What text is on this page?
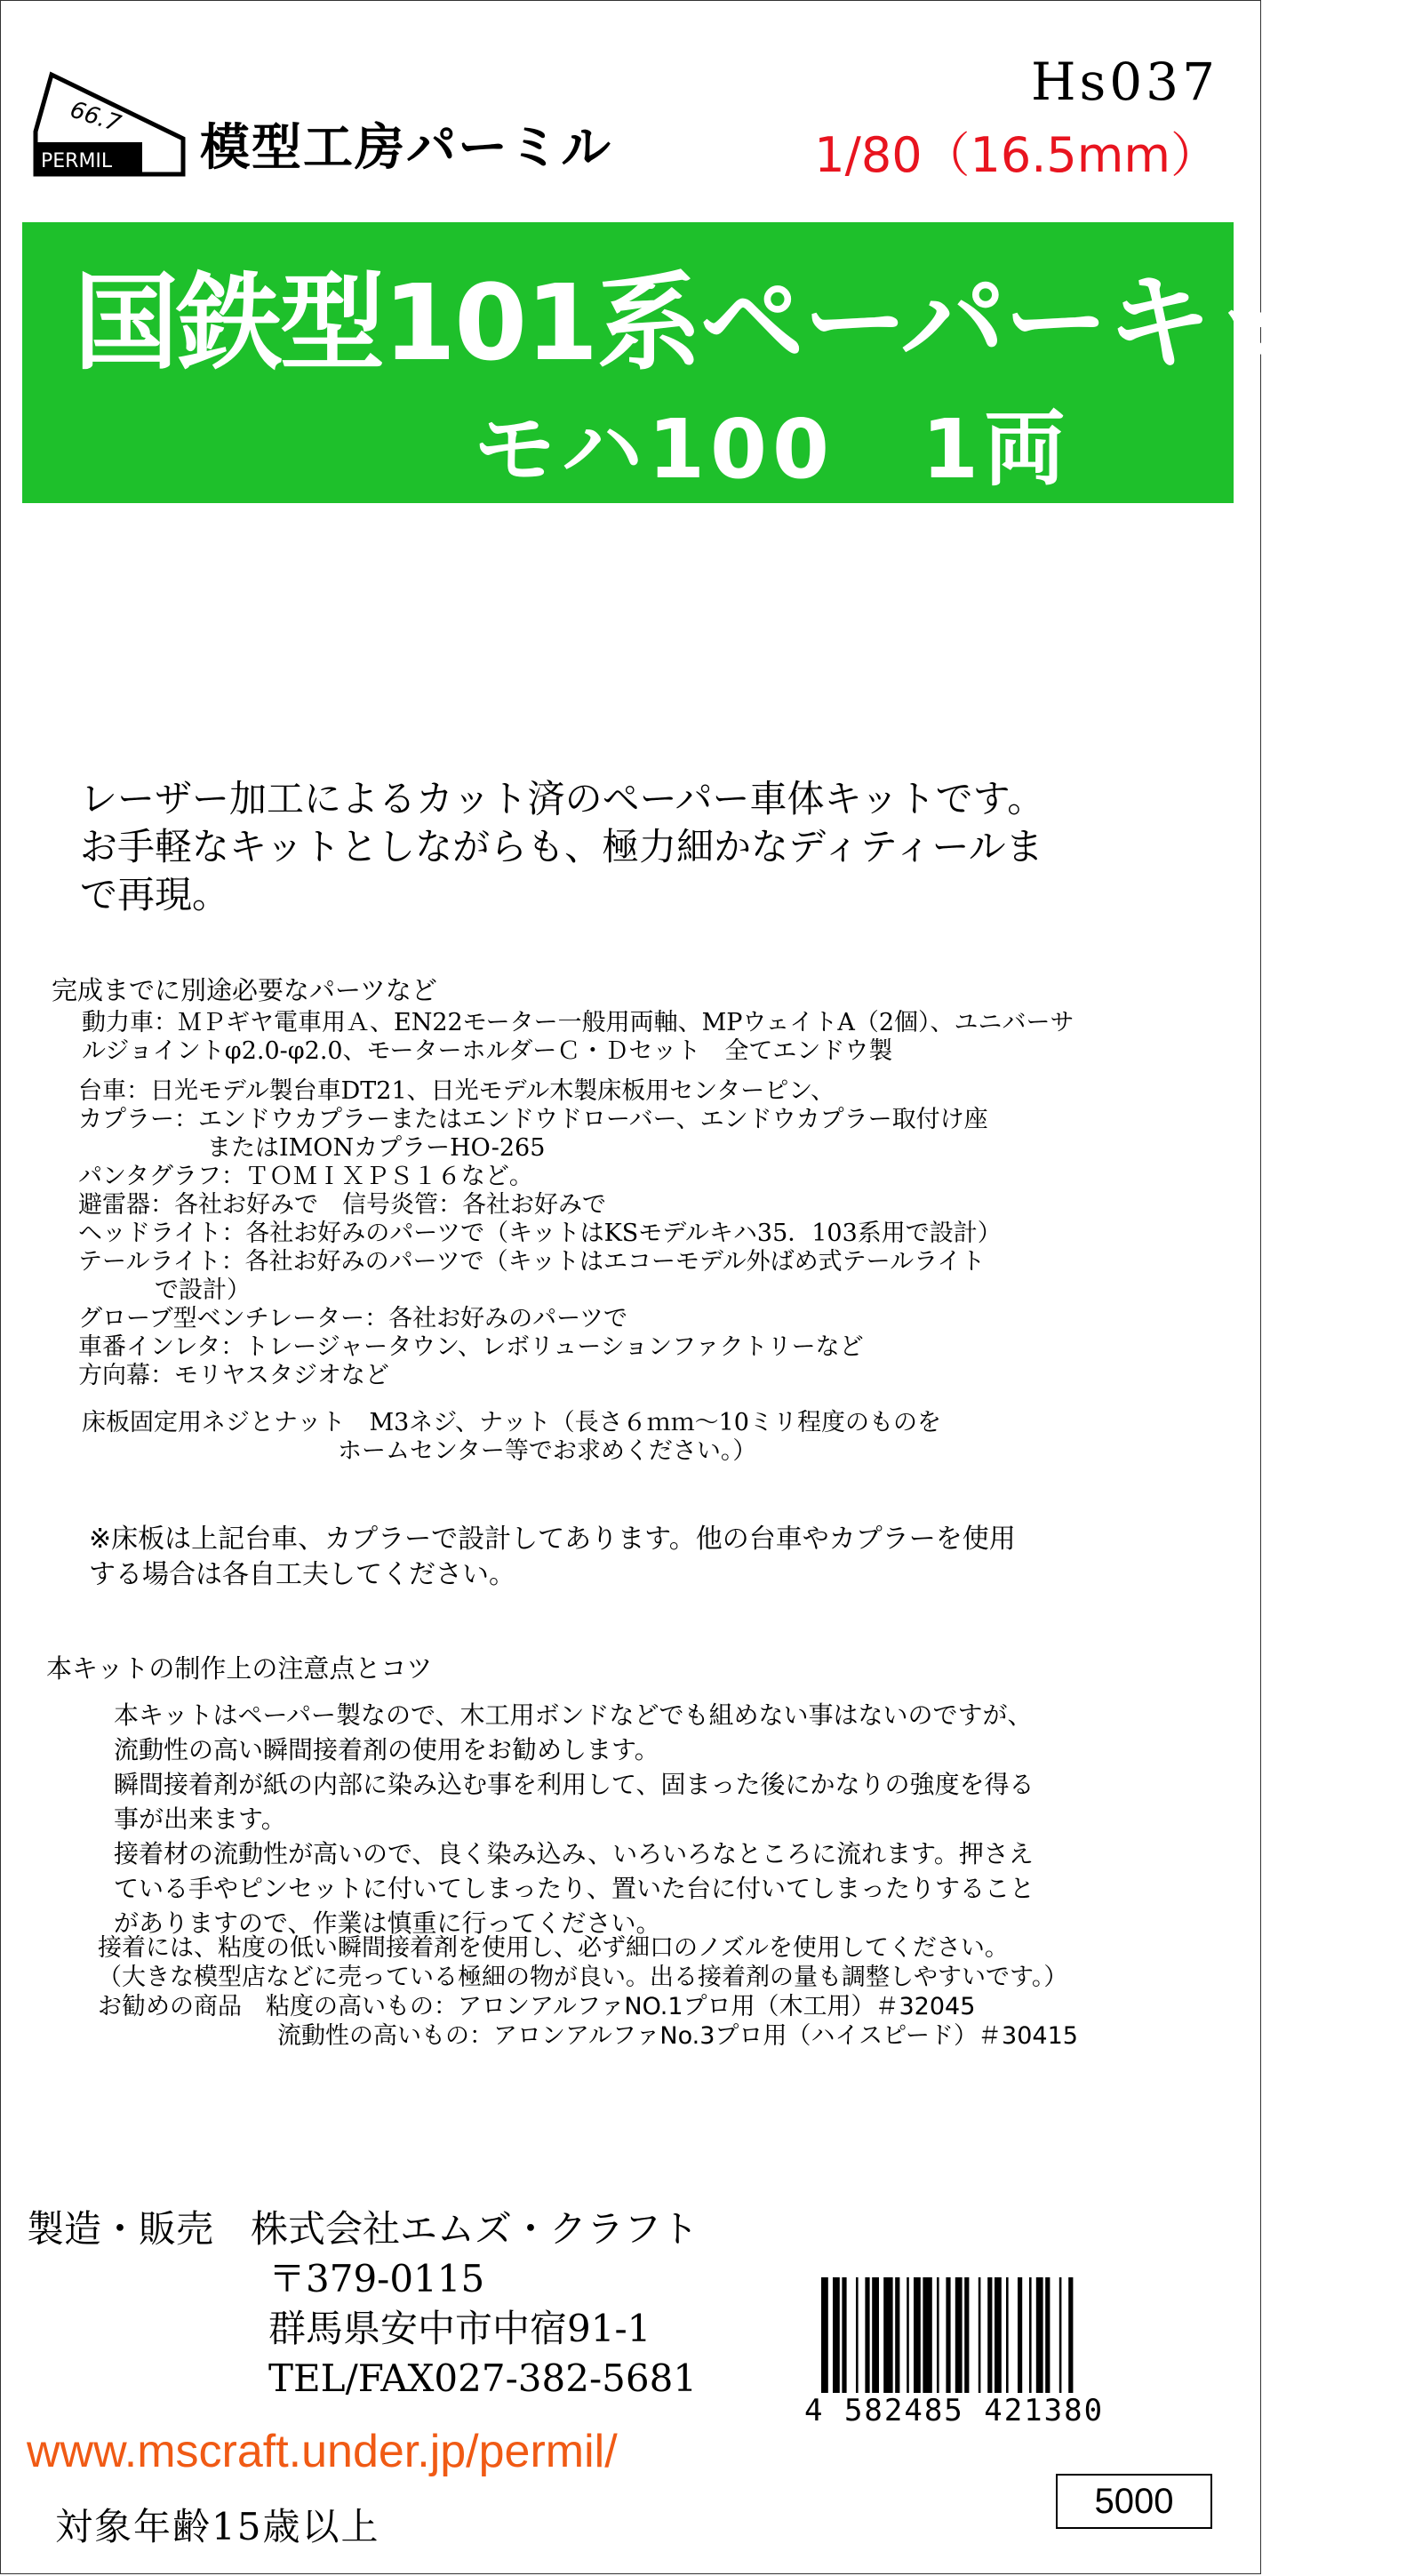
66.7
PERMIL 模型工房パーミル
Hs037
1/80（16.5mm）
国鉄型101系ペーパーキット
モハ100　1両

レーザー加工によるカット済のペーパー車体キットです。

お手軽なキットとしながらも、極力細かなディティールま

で再現。

完成までに別途必要なパーツなど

動力車：ＭＰギヤ電車用Ａ、EN22モーター一般用両軸、MPウェイトA（2個）、ユニバーサ

ルジョイントφ2.0-φ2.0、モーターホルダーＣ・Ｄセット　全てエンドウ製

台車：日光モデル製台車DT21、日光モデル木製床板用センターピン、

カプラー：エンドウカプラーまたはエンドウドローバー、エンドウカプラー取付け座

またはIMONカプラーHO-265

パンタグラフ：ＴＯＭＩＸＰＳ１６など。

避雷器：各社お好みで　信号炎管：各社お好みで

ヘッドライト：各社お好みのパーツで（キットはKSモデルキハ35．103系用で設計）

テールライト：各社お好みのパーツで（キットはエコーモデル外ばめ式テールライト

で設計）

グローブ型ベンチレーター：各社お好みのパーツで

車番インレタ：トレージャータウン、レボリューションファクトリーなど

方向幕：モリヤスタジオなど

床板固定用ネジとナット　M3ネジ、ナット（長さ６ｍｍ～10ミリ程度のものを

ホームセンター等でお求めください。）

※床板は上記台車、カプラーで設計してあります。他の台車やカプラーを使用

する場合は各自工夫してください。

本キットの制作上の注意点とコツ

本キットはペーパー製なので、木工用ボンドなどでも組めない事はないのですが、

流動性の高い瞬間接着剤の使用をお勧めします。

瞬間接着剤が紙の内部に染み込む事を利用して、固まった後にかなりの強度を得る

事が出来ます。

接着材の流動性が高いので、良く染み込み、いろいろなところに流れます。押さえ

ている手やピンセットに付いてしまったり、置いた台に付いてしまったりすること

がありますので、作業は慎重に行ってください。

接着には、粘度の低い瞬間接着剤を使用し、必ず細口のノズルを使用してください。

（大きな模型店などに売っている極細の物が良い。出る接着剤の量も調整しやすいです。）

お勧めの商品　粘度の高いもの：アロンアルファNO.1プロ用（木工用）＃32045

流動性の高いもの：アロンアルファNo.3プロ用（ハイスピード）＃30415

製造・販売　株式会社エムズ・クラフト

〒379-0115

群馬県安中市中宿91-1

TEL/FAX027-382-5681

www.mscraft.under.jp/permil/
対象年齢15歳以上
4 582485 421380
5000
